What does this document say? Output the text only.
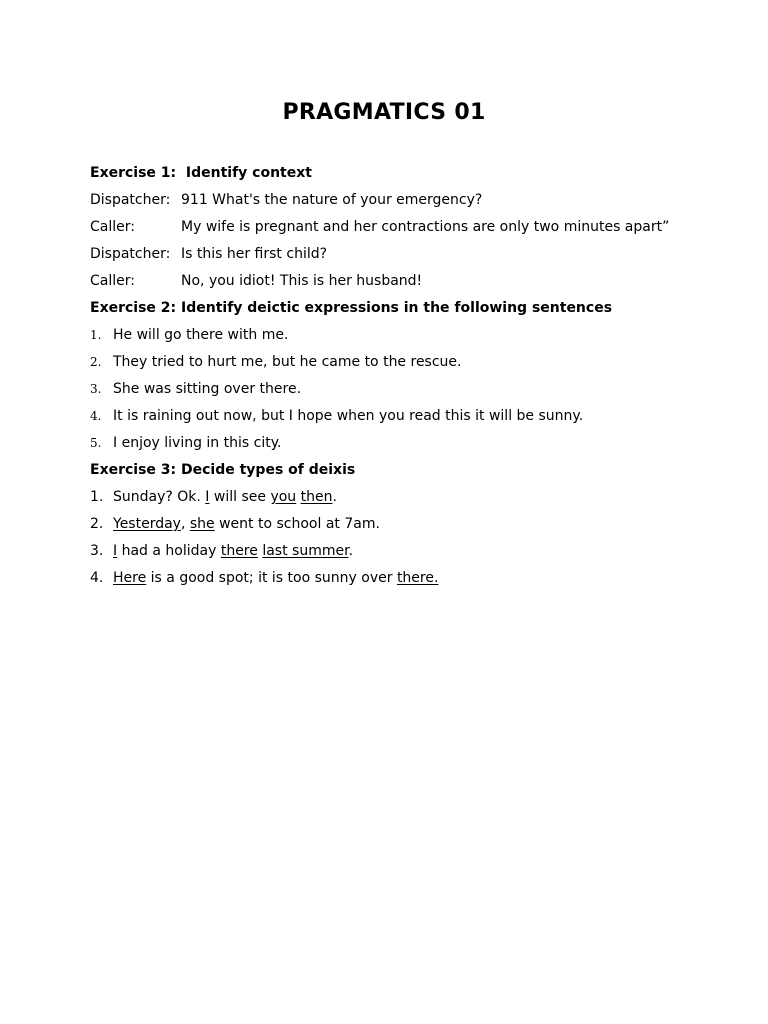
PRAGMATICS 01
Exercise 1: Identify context
Dispatcher: 911 What's the nature of your emergency?
Caller:	My wife is pregnant and her contractions are only two minutes apart”
Dispatcher: Is this her first child?
Caller:	No, you idiot! This is her husband!
Exercise 2: Identify deictic expressions in the following sentences
1. He will go there with me.
2. They tried to hurt me, but he came to the rescue.
3. She was sitting over there.
4. It is raining out now, but I hope when you read this it will be sunny.
5. I enjoy living in this city.
Exercise 3: Decide types of deixis
1. Sunday? Ok. I will see you then.
2. Yesterday, she went to school at 7am.
3. I had a holiday there last summer.
4. Here is a good spot; it is too sunny over there.
